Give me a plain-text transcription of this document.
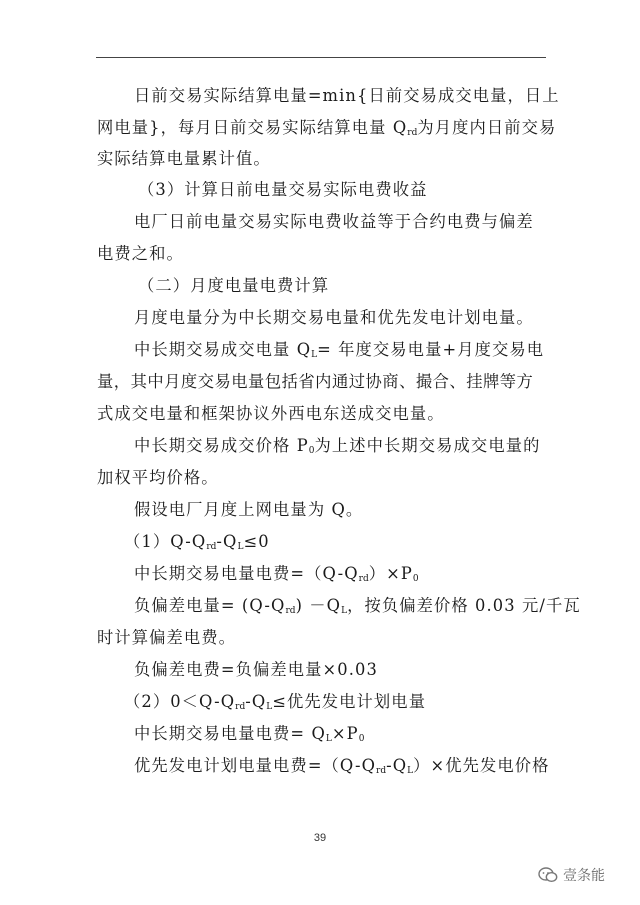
日前交易实际结算电量=min{日前交易成交电量，日上
网电量}，每月日前交易实际结算电量 $Q_{rd}$为月度内日前交易
实际结算电量累计值。
（3）计算日前电量交易实际电费收益
电厂日前电量交易实际电费收益等于合约电费与偏差
电费之和。
（二）月度电量电费计算
月度电量分为中长期交易电量和优先发电计划电量。
中长期交易成交电量 $Q_L=$ 年度交易电量+月度交易电
量，其中月度交易电量包括省内通过协商、撮合、挂牌等方
式成交电量和框架协议外西电东送成交电量。
中长期交易成交价格 $P_0$为上述中长期交易成交电量的
加权平均价格。
假设电厂月度上网电量为 Q。
$(1)Q-Q_{rd}-Q_L\le 0$
中长期交易电量电费$=(Q-Q_{rd})\times P_0$
负偏差电量= $(Q-Q_{rd}) -Q_L$，按负偏差价格 0.03 元/千瓦
时计算偏差电费。
负偏差电费=负偏差电量×0.03
$(2)0<Q-Q_{rd}-Q_L\le$优先发电计划电量
中长期交易电量电费= $Q_L\times P_0$
优先发电计划电量电费$=(Q-Q_{rd}-Q_L)\times$优先发电价格
39
壹条能
